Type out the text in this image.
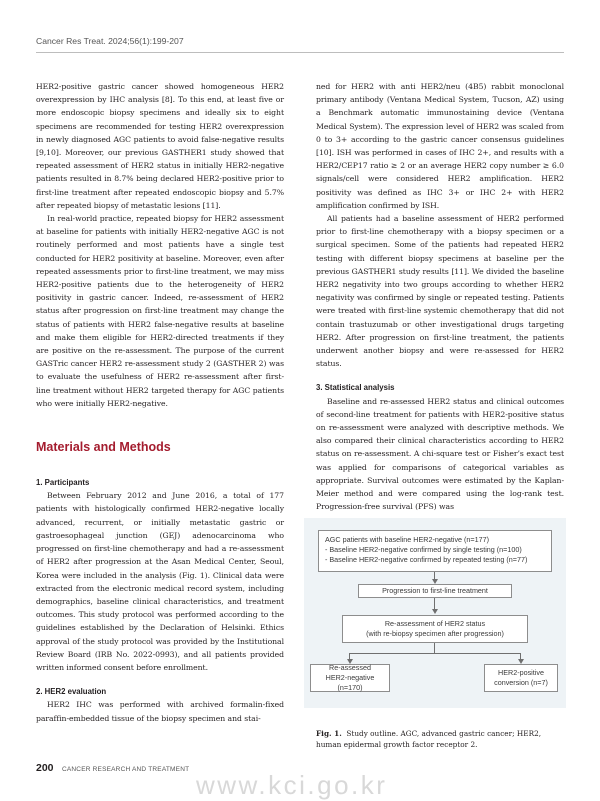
Cancer Res Treat. 2024;56(1):199-207

HER2-positive gastric cancer showed homogeneous HER2 overexpression by IHC analysis [8]. To this end, at least five or more endoscopic biopsy specimens and ideally six to eight specimens are recommended for testing HER2 overexpression in newly diagnosed AGC patients to avoid false-negative results [9,10]. Moreover, our previous GASTHER1 study showed that repeated assessment of HER2 status in initially HER2-negative patients resulted in 8.7% being declared HER2-positive prior to first-line treatment after repeated endoscopic biopsy and 5.7% after repeated biopsy of metastatic lesions [11].

In real-world practice, repeated biopsy for HER2 assessment at baseline for patients with initially HER2-negative AGC is not routinely performed and most patients have a single test conducted for HER2 positivity at baseline. Moreover, even after repeated assessments prior to first-line treatment, we may miss HER2-positive patients due to the heterogeneity of HER2 positivity in gastric cancer. Indeed, re-assessment of HER2 status after progression on first-line treatment may change the status of patients with HER2 false-negative results at baseline and make them eligible for HER2-directed treatments if they are positive on the re-assessment. The purpose of the current GASTric cancer HER2 re-assessment study 2 (GASTHER 2) was to evaluate the usefulness of HER2 re-assessment after first-line treatment without HER2 targeted therapy for AGC patients who were initially HER2-negative.

Materials and Methods
1. Participants

Between February 2012 and June 2016, a total of 177 patients with histologically confirmed HER2-negative locally advanced, recurrent, or initially metastatic gastric or gastroesophageal junction (GEJ) adenocarcinoma who progressed on first-line chemotherapy and had a re-assessment of HER2 after progression at the Asan Medical Center, Seoul, Korea were included in the analysis (Fig. 1). Clinical data were extracted from the electronic medical record system, including demographics, baseline clinical characteristics, and treatment outcomes. This study protocol was performed according to the guidelines established by the Declaration of Helsinki. Ethics approval of the study protocol was provided by the Institutional Review Board (IRB No. 2022-0993), and all patients provided written informed consent before enrollment.

2. HER2 evaluation

HER2 IHC was performed with archived formalin-fixed paraffin-embedded tissue of the biopsy specimen and stai-

ned for HER2 with anti HER2/neu (4B5) rabbit monoclonal primary antibody (Ventana Medical System, Tucson, AZ) using a Benchmark automatic immunostaining device (Ventana Medical System). The expression level of HER2 was scaled from 0 to 3+ according to the gastric cancer consensus guidelines [10]. ISH was performed in cases of IHC 2+, and results with a HER2/CEP17 ratio ≥ 2 or an average HER2 copy number ≥ 6.0 signals/cell were considered HER2 amplification. HER2 positivity was defined as IHC 3+ or IHC 2+ with HER2 amplification confirmed by ISH.

All patients had a baseline assessment of HER2 performed prior to first-line chemotherapy with a biopsy specimen or a surgical specimen. Some of the patients had repeated HER2 testing with different biopsy specimens at baseline per the previous GASTHER1 study results [11]. We divided the baseline HER2 negativity into two groups according to whether HER2 negativity was confirmed by single or repeated testing. Patients were treated with first-line systemic chemotherapy that did not contain trastuzumab or other investigational drugs targeting HER2. After progression on first-line treatment, the patients underwent another biopsy and were re-assessed for HER2 status.

3. Statistical analysis

Baseline and re-assessed HER2 status and clinical outcomes of second-line treatment for patients with HER2-positive status on re-assessment were analyzed with descriptive methods. We also compared their clinical characteristics according to HER2 status on re-assessment. A chi-square test or Fisher’s exact test was applied for comparisons of categorical variables as appropriate. Survival outcomes were estimated by the Kaplan-Meier method and were compared using the log-rank test. Progression-free survival (PFS) was

AGC patients with baseline HER2-negative (n=177)
- Baseline HER2-negative confirmed by single testing (n=100)
- Baseline HER2-negative confirmed by repeated testing (n=77)
Progression to first-line treatment
Re-assessment of HER2 status
(with re-biopsy specimen after progression)
Re-assessed
HER2-negative (n=170)
HER2-positive
conversion (n=7)

Fig. 1. Study outline. AGC, advanced gastric cancer; HER2, human epidermal growth factor receptor 2.

200 CANCER RESEARCH AND TREATMENT
www.kci.go.kr
